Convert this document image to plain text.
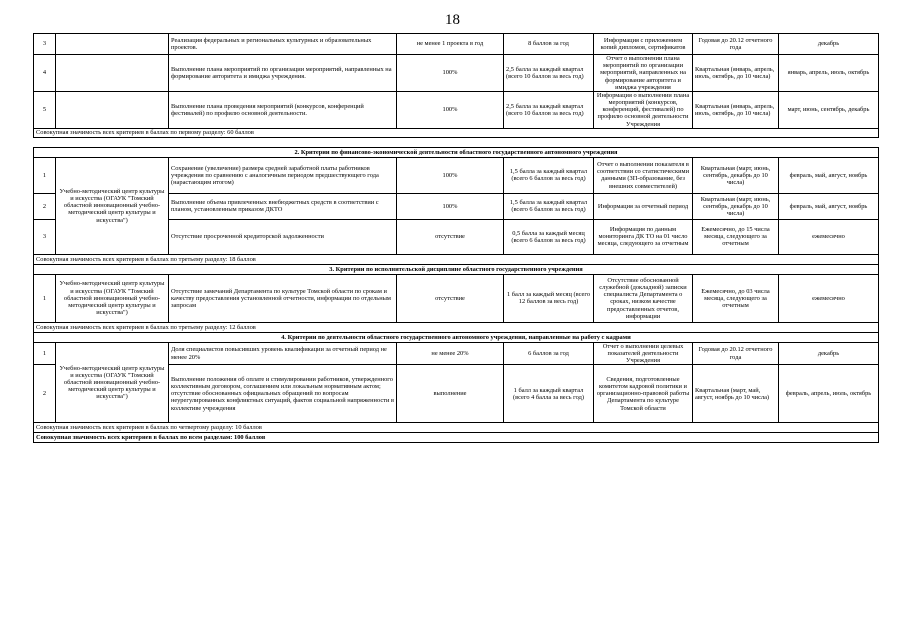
18
3		Реализация федеральных и региональных культурных и образовательных проектов.	не менее 1 проекта в год	8 баллов за год	Информация с приложением копий дипломов, сертификатов	Годовая до 20.12 отчетного года	декабрь
4		Выполнение плана мероприятий по организации мероприятий, направленных на формирование авторитета и имиджа учреждения.	100%	2,5 балла за каждый квартал (всего 10 баллов за весь год)	Отчет о выполнении плана мероприятий по организации мероприятий, направленных на формирование авторитета и имиджа учреждения	Квартальная (январь, апрель, июль, октябрь, до 10 числа)	январь, апрель, июль, октябрь
5		Выполнение плана проведения мероприятий (конкурсов, конференций фестивалей) по профилю основной деятельности.	100%	2,5 балла за каждый квартал (всего 10 баллов за весь год)	Информация о выполнении плана мероприятий (конкурсов, конференций, фестивалей) по профилю основной деятельности Учреждения	Квартальная (январь, апрель, июль, октябрь, до 10 числа)	март, июнь, сентябрь, декабрь
Совокупная значимость всех критериев в баллах по первому разделу: 60 баллов							

2. Критерии по финансово-экономической деятельности областного государственного автономного учреждения							
1	Учебно-методический центр культуры и искусства (ОГАУК "Томский областной инновационный учебно-методический центр культуры и искусства")	Сохранение (увеличение) размера средней заработной платы работников учреждения по сравнению с аналогичным периодом предшествующего года (нарастающим итогом)	100%	1,5 балла за каждый квартал (всего 6 баллов за весь год)	Отчет о выполнении показателя в соответствии со статистическими данными (ЗП-образование, без внешних совместителей)	Квартальная (март, июнь, сентябрь, декабрь до 10 числа)	февраль, май, август, ноябрь
2		Выполнение объема привлеченных внебюджетных средств в соответствии с планом, установленным приказом ДКТО	100%	1,5 балла за каждый квартал (всего 6 баллов за весь год)	Информация за отчетный период	Квартальная (март, июнь, сентябрь, декабрь до 10 числа)	февраль, май, август, ноябрь
3		Отсутствие просроченной кредиторской задолженности	отсутствие	0,5 балла за каждый месяц (всего 6 баллов за весь год)	Информация по данным мониторинга ДК ТО на 01 число месяца, следующего за отчетным	Ежемесячно, до 15 числа месяца, следующего за отчетным	ежемесячно
Совокупная значимость всех критериев в баллах по третьему разделу: 18 баллов							
3. Критерии по исполнительской дисциплине областного государственного учреждения							
1	Учебно-методический центр культуры и искусства (ОГАУК "Томский областной инновационный учебно-методический центр культуры и искусства")	Отсутствие замечаний Департамента по культуре Томской области по срокам и качеству предоставления установленной отчетности, информации по отдельным запросам	отсутствие	1 балл за каждый месяц (всего 12 баллов за весь год)	Отсутствие обоснованной служебной (докладной) записки специалиста Департамента о сроках, низком качестве предоставленных отчетов, информации	Ежемесячно, до 03 числа месяца, следующего за отчетным	ежемесячно
Совокупная значимость всех критериев в баллах по третьему разделу: 12 баллов							
4. Критерии по деятельности областного государственного автономного учреждения, направленные на работу с кадрами							
1	Учебно-методический центр культуры и искусства (ОГАУК "Томский областной инновационный учебно-методический центр культуры и искусства")	Доля специалистов повысивших уровень квалификации за отчетный период не менее 20%	не менее 20%	6 баллов за год	Отчет о выполнении целевых показателей деятельности Учреждения	Годовая до 20.12 отчетного года	декабрь
2		Выполнение положения об оплате и стимулировании работников, утвержденного коллективным договором, соглашением или локальным нормативным актом; отсутствие обоснованных официальных обращений по вопросам неурегулированных конфликтных ситуаций, фактов социальной напряженности в коллективе учреждения	выполнение	1 балл за каждый квартал (всего 4 балла за весь год)	Сведения, подготовленные комитетом кадровой политики и организационно-правовой работы Департамента по культуре Томской области	Квартальная (март, май, август, ноябрь до 10 числа)	февраль, апрель, июль, октябрь
Совокупная значимость всех критериев в баллах по четвертому разделу: 10 баллов							
Совокупная значимость всех критериев в баллах по всем разделам: 100 баллов							
